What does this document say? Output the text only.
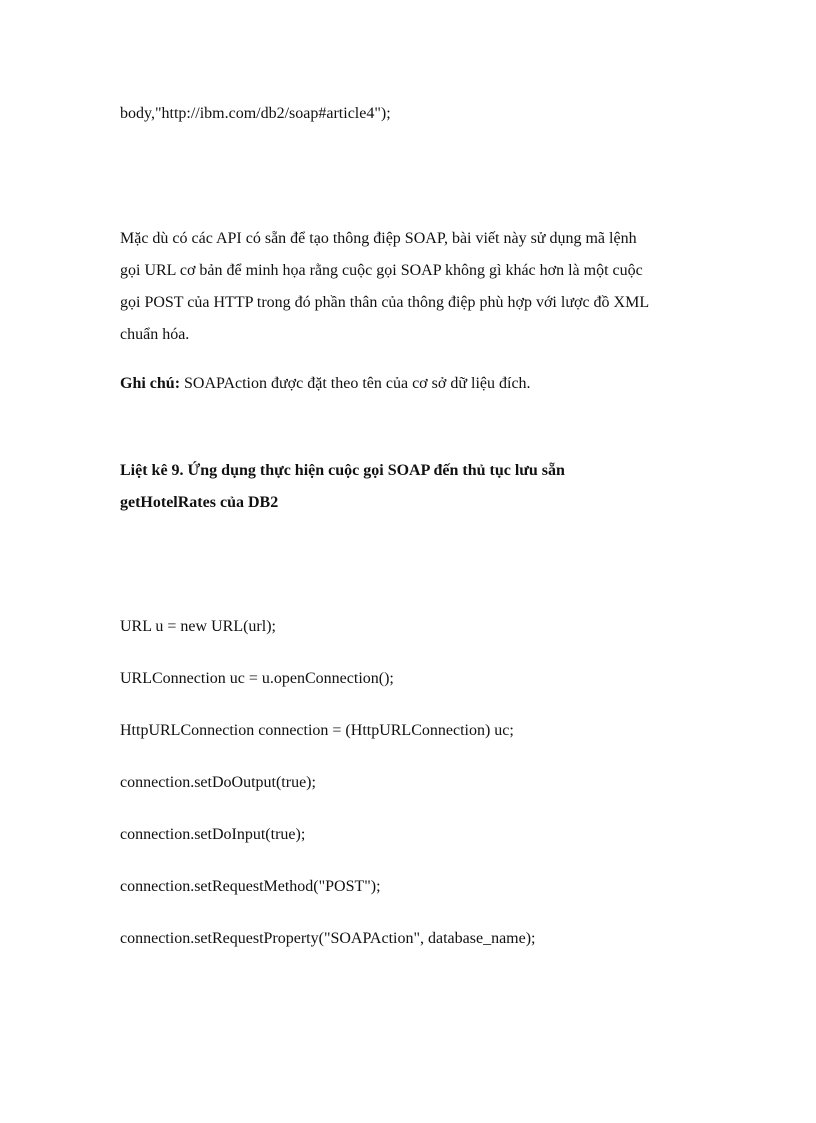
body,"http://ibm.com/db2/soap#article4");
Mặc dù có các API có sẵn để tạo thông điệp SOAP, bài viết này sử dụng mã lệnh
gọi URL cơ bản để minh họa rằng cuộc gọi SOAP không gì khác hơn là một cuộc
gọi POST của HTTP trong đó phần thân của thông điệp phù hợp với lược đồ XML
chuẩn hóa.
Ghi chú: SOAPAction được đặt theo tên của cơ sở dữ liệu đích.
Liệt kê 9. Ứng dụng thực hiện cuộc gọi SOAP đến thủ tục lưu sẵn
getHotelRates của DB2
URL u = new URL(url);
URLConnection uc = u.openConnection();
HttpURLConnection connection = (HttpURLConnection) uc;
connection.setDoOutput(true);
connection.setDoInput(true);
connection.setRequestMethod("POST");
connection.setRequestProperty("SOAPAction", database_name);
